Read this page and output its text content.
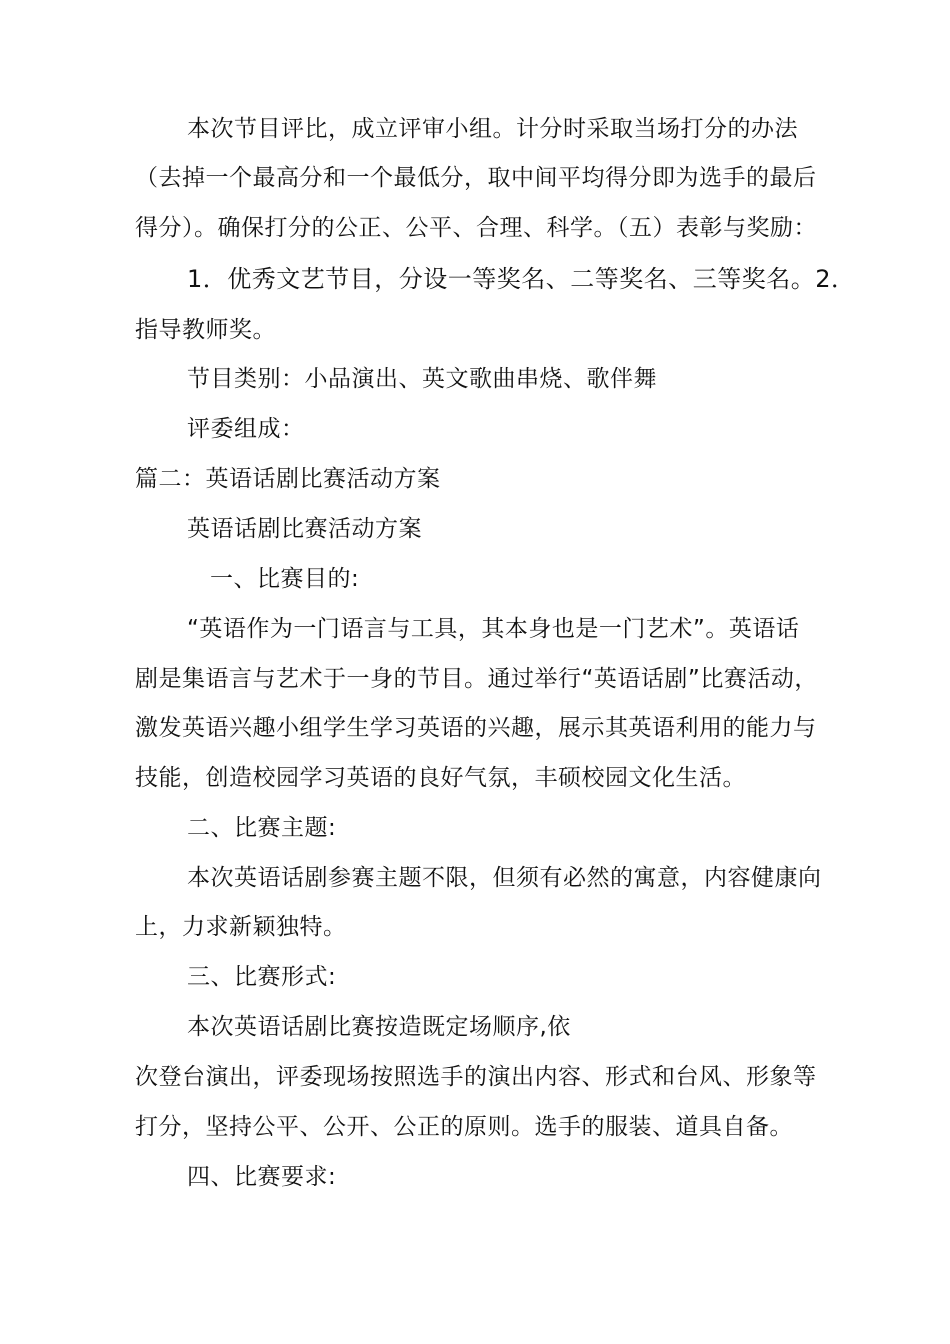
本次节目评比，成立评审小组。计分时采取当场打分的办法
（去掉一个最高分和一个最低分，取中间平均得分即为选手的最后
得分）。确保打分的公正、公平、合理、科学。（五）表彰与奖励：
1．优秀文艺节目，分设一等奖名、二等奖名、三等奖名。2．
指导教师奖。
节目类别：小品演出、英文歌曲串烧、歌伴舞
评委组成：
篇二：英语话剧比赛活动方案
英语话剧比赛活动方案
一、比赛目的:
“英语作为一门语言与工具，其本身也是一门艺术”。英语话
剧是集语言与艺术于一身的节目。通过举行“英语话剧”比赛活动，
激发英语兴趣小组学生学习英语的兴趣，展示其英语利用的能力与
技能，创造校园学习英语的良好气氛，丰硕校园文化生活。
二、比赛主题:
本次英语话剧参赛主题不限，但须有必然的寓意，内容健康向
上，力求新颖独特。
三、比赛形式:
本次英语话剧比赛按造既定场顺序,依
次登台演出，评委现场按照选手的演出内容、形式和台风、形象等
打分，坚持公平、公开、公正的原则。选手的服装、道具自备。
四、比赛要求:
